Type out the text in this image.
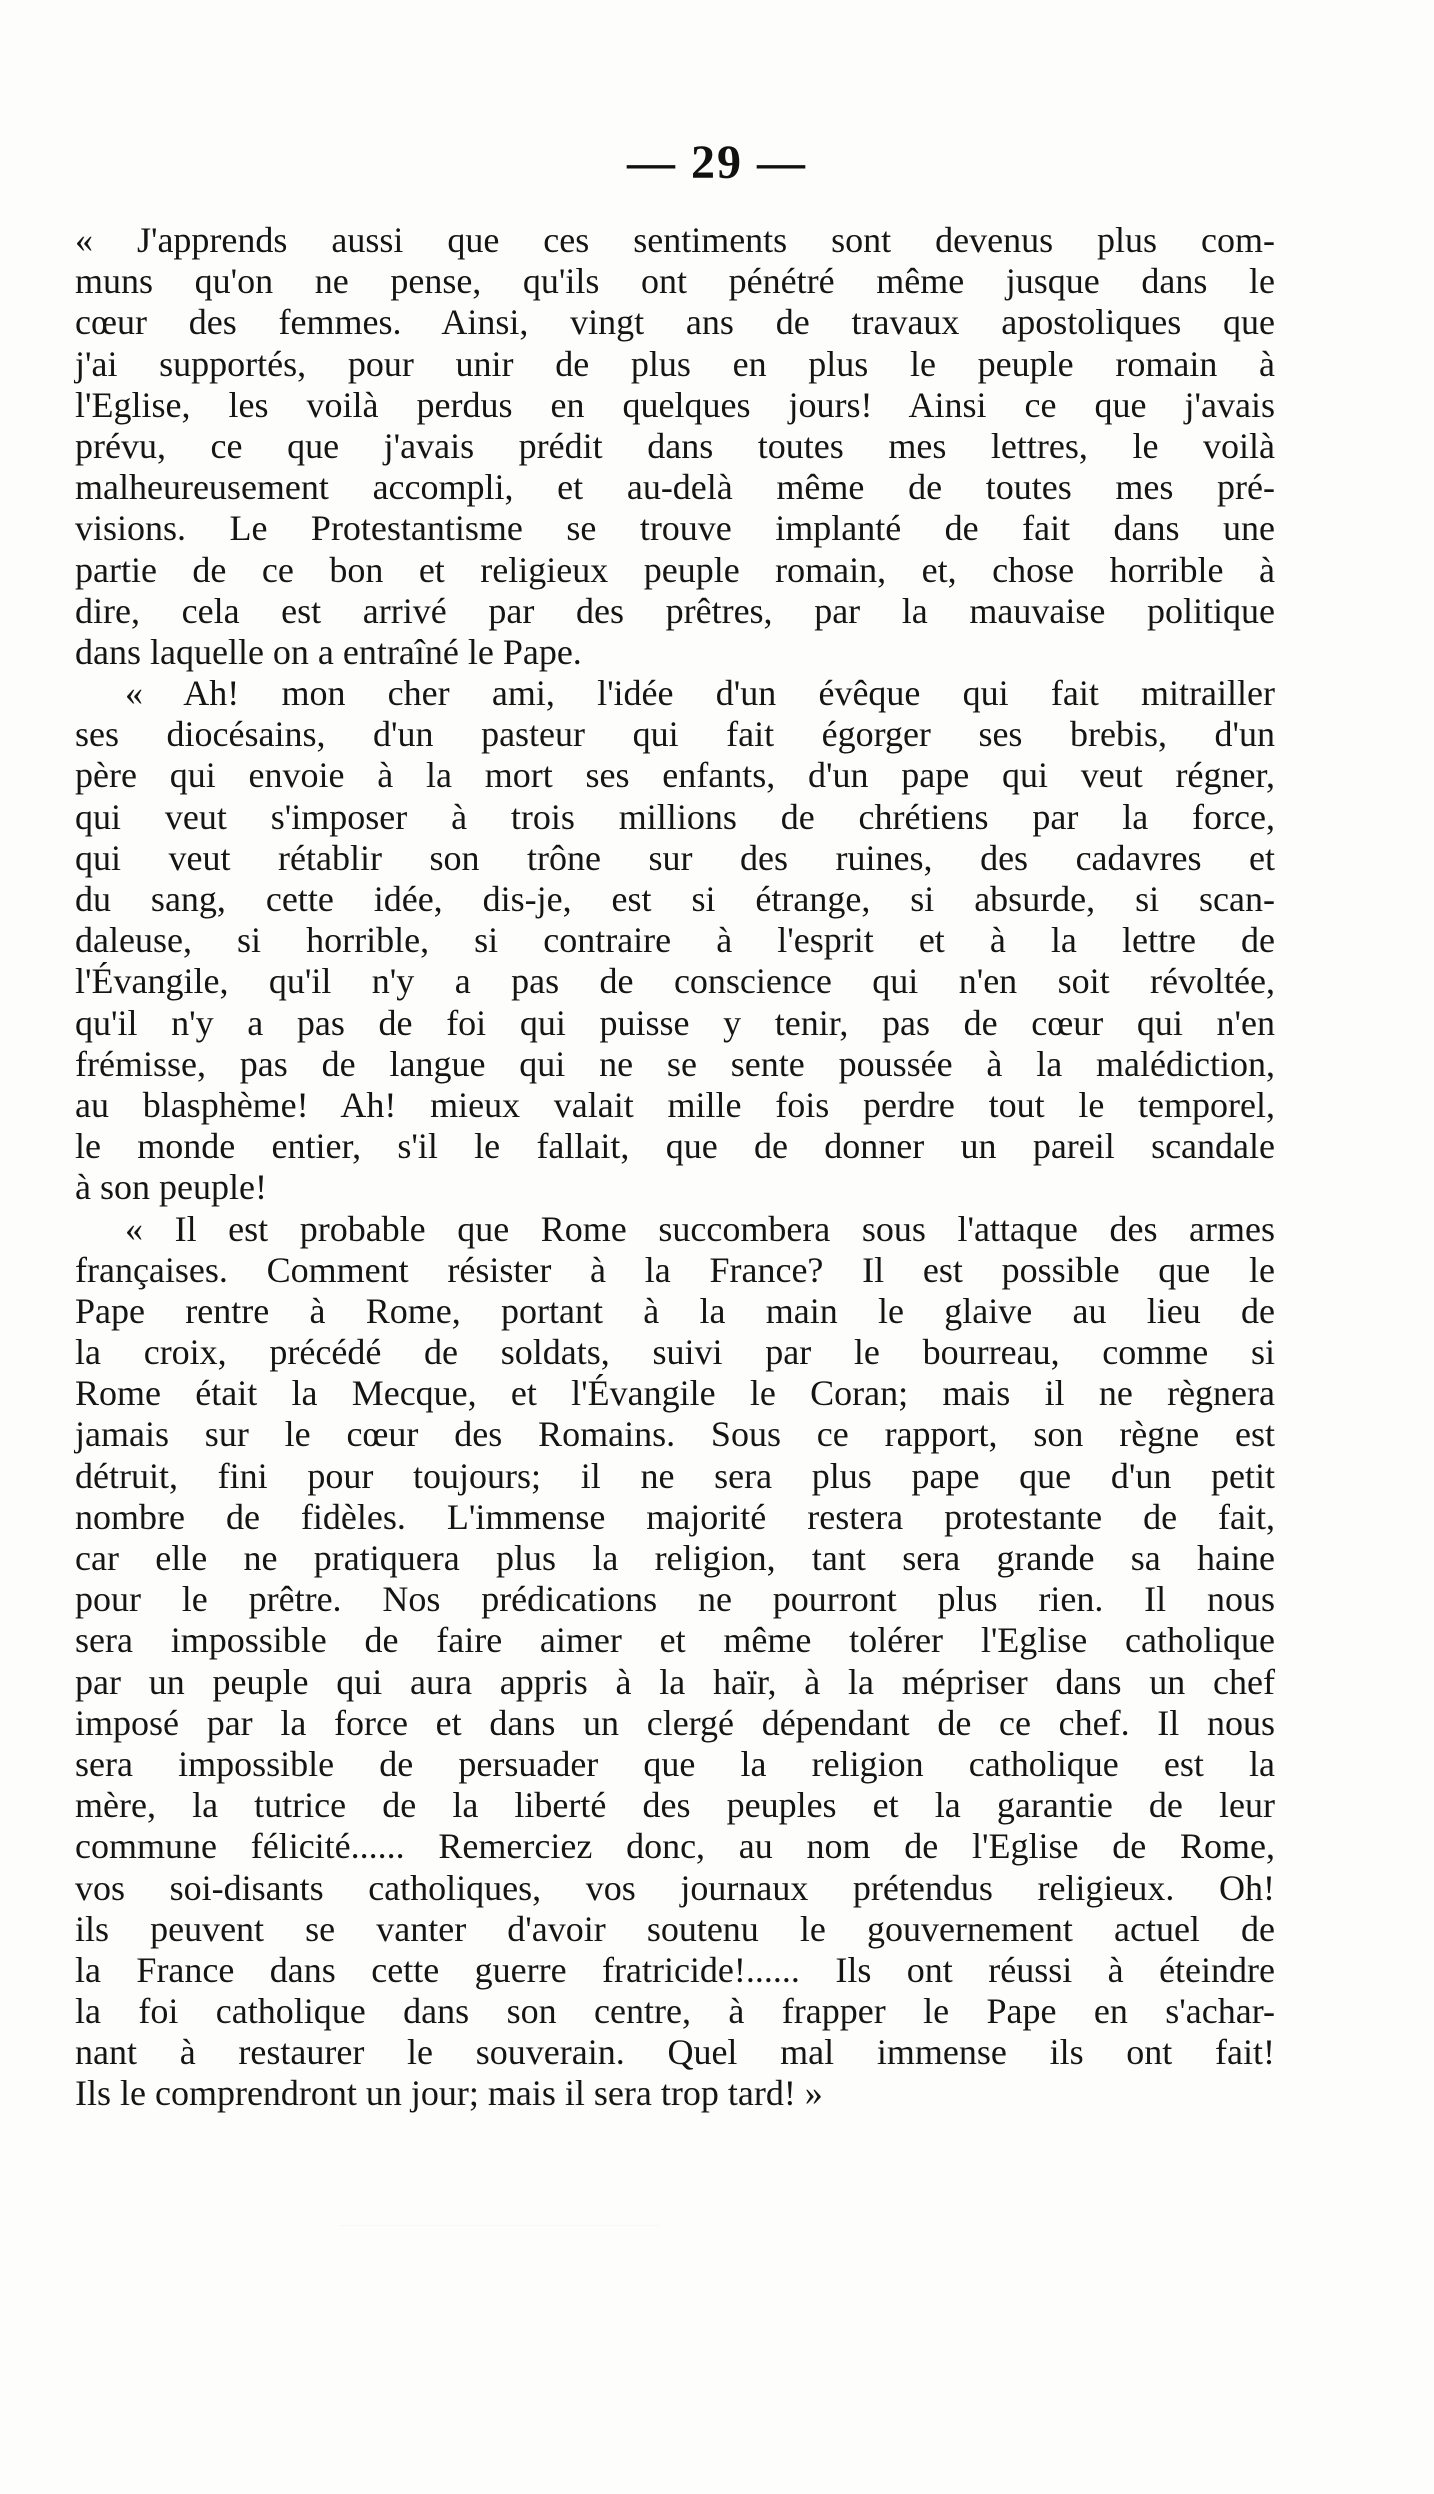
— 29 —
« J'apprends aussi que ces sentiments sont devenus plus com-
muns qu'on ne pense, qu'ils ont pénétré même jusque dans le
cœur des femmes. Ainsi, vingt ans de travaux apostoliques que
j'ai supportés, pour unir de plus en plus le peuple romain à
l'Eglise, les voilà perdus en quelques jours! Ainsi ce que j'avais
prévu, ce que j'avais prédit dans toutes mes lettres, le voilà
malheureusement accompli, et au-delà même de toutes mes pré-
visions. Le Protestantisme se trouve implanté de fait dans une
partie de ce bon et religieux peuple romain, et, chose horrible à
dire, cela est arrivé par des prêtres, par la mauvaise politique
dans laquelle on a entraîné le Pape.
« Ah! mon cher ami, l'idée d'un évêque qui fait mitrailler
ses diocésains, d'un pasteur qui fait égorger ses brebis, d'un
père qui envoie à la mort ses enfants, d'un pape qui veut régner,
qui veut s'imposer à trois millions de chrétiens par la force,
qui veut rétablir son trône sur des ruines, des cadavres et
du sang, cette idée, dis-je, est si étrange, si absurde, si scan-
daleuse, si horrible, si contraire à l'esprit et à la lettre de
l'Évangile, qu'il n'y a pas de conscience qui n'en soit révoltée,
qu'il n'y a pas de foi qui puisse y tenir, pas de cœur qui n'en
frémisse, pas de langue qui ne se sente poussée à la malédiction,
au blasphème! Ah! mieux valait mille fois perdre tout le temporel,
le monde entier, s'il le fallait, que de donner un pareil scandale
à son peuple!
« Il est probable que Rome succombera sous l'attaque des armes
françaises. Comment résister à la France? Il est possible que le
Pape rentre à Rome, portant à la main le glaive au lieu de
la croix, précédé de soldats, suivi par le bourreau, comme si
Rome était la Mecque, et l'Évangile le Coran; mais il ne règnera
jamais sur le cœur des Romains. Sous ce rapport, son règne est
détruit, fini pour toujours; il ne sera plus pape que d'un petit
nombre de fidèles. L'immense majorité restera protestante de fait,
car elle ne pratiquera plus la religion, tant sera grande sa haine
pour le prêtre. Nos prédications ne pourront plus rien. Il nous
sera impossible de faire aimer et même tolérer l'Eglise catholique
par un peuple qui aura appris à la haïr, à la mépriser dans un chef
imposé par la force et dans un clergé dépendant de ce chef. Il nous
sera impossible de persuader que la religion catholique est la
mère, la tutrice de la liberté des peuples et la garantie de leur
commune félicité...... Remerciez donc, au nom de l'Eglise de Rome,
vos soi-disants catholiques, vos journaux prétendus religieux. Oh!
ils peuvent se vanter d'avoir soutenu le gouvernement actuel de
la France dans cette guerre fratricide!...... Ils ont réussi à éteindre
la foi catholique dans son centre, à frapper le Pape en s'achar-
nant à restaurer le souverain. Quel mal immense ils ont fait!
Ils le comprendront un jour; mais il sera trop tard! »
